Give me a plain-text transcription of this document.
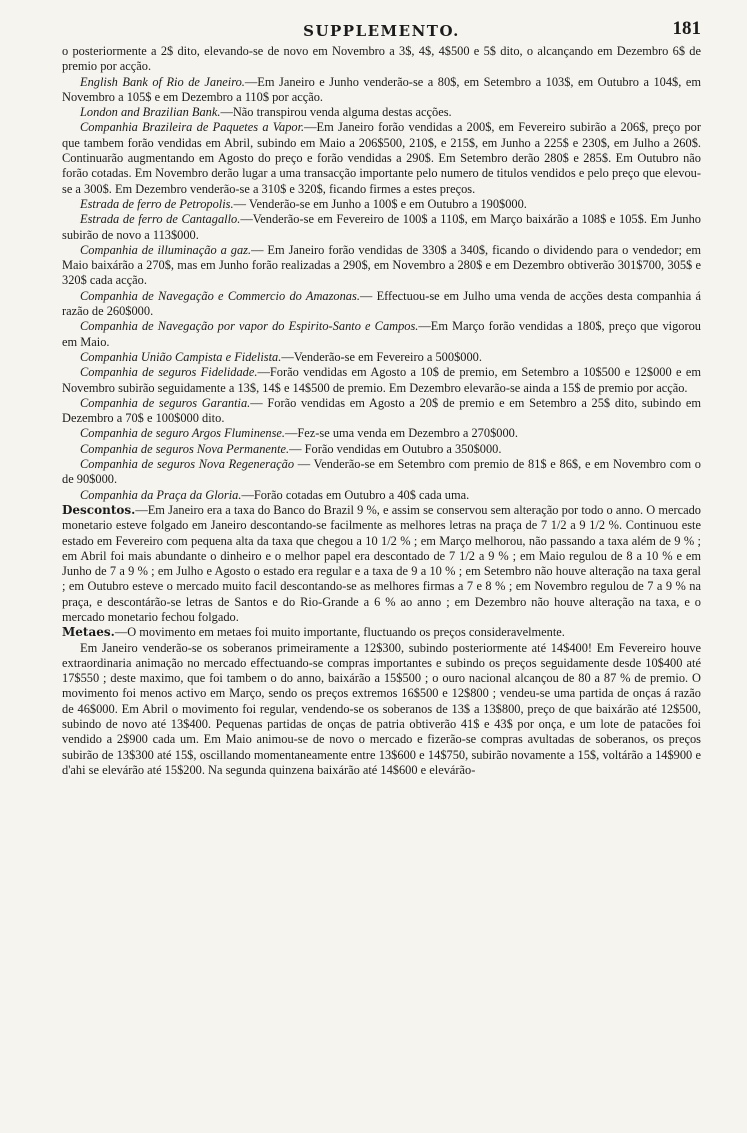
SUPPLEMENTO.	181

o posteriormente a 2$ dito, elevando-se de novo em Novembro a 3$, 4$, 4$500 e 5$ dito, o alcançando em Dezembro 6$ de premio por acção.

English Bank of Rio de Janeiro.—Em Janeiro e Junho venderão-se a 80$, em Setembro a 103$, em Outubro a 104$, em Novembro a 105$ e em Dezembro a 110$ por acção.

London and Brazilian Bank.—Não transpirou venda alguma destas acções.

Companhia Brazileira de Paquetes a Vapor.—Em Janeiro forão vendidas a 200$, em Fevereiro subirão a 206$, preço por que tambem forão vendidas em Abril, subindo em Maio a 206$500, 210$, e 215$, em Junho a 225$ e 230$, em Julho a 260$. Continuarão augmentando em Agosto do preço e forão vendidas a 290$. Em Setembro derão 280$ e 285$. Em Outubro não forão cotadas. Em Novembro derão lugar a uma transacção importante pelo numero de titulos vendidos e pelo preço que elevou-se a 300$. Em Dezembro venderão-se a 310$ e 320$, ficando firmes a estes preços.

Estrada de ferro de Petropolis.— Venderão-se em Junho a 100$ e em Outubro a 190$000.

Estrada de ferro de Cantagallo.—Venderão-se em Fevereiro de 100$ a 110$, em Março baixárão a 108$ e 105$. Em Junho subirão de novo a 113$000.

Companhia de illuminação a gaz.— Em Janeiro forão vendidas de 330$ a 340$, ficando o dividendo para o vendedor; em Maio baixárão a 270$, mas em Junho forão realizadas a 290$, em Novembro a 280$ e em Dezembro obtiverão 301$700, 305$ e 320$ cada acção.

Companhia de Navegação e Commercio do Amazonas.— Effectuou-se em Julho uma venda de acções desta companhia á razão de 260$000.

Companhia de Navegação por vapor do Espirito-Santo e Campos.—Em Março forão vendidas a 180$, preço que vigorou em Maio.

Companhia União Campista e Fidelista.—Venderão-se em Fevereiro a 500$000.

Companhia de seguros Fidelidade.—Forão vendidas em Agosto a 10$ de premio, em Setembro a 10$500 e 12$000 e em Novembro subirão seguidamente a 13$, 14$ e 14$500 de premio. Em Dezembro elevarão-se ainda a 15$ de premio por acção.

Companhia de seguros Garantia.— Forão vendidas em Agosto a 20$ de premio e em Setembro a 25$ dito, subindo em Dezembro a 70$ e 100$000 dito.

Companhia de seguro Argos Fluminense.—Fez-se uma venda em Dezembro a 270$000.

Companhia de seguros Nova Permanente.— Forão vendidas em Outubro a 350$000.

Companhia de seguros Nova Regeneração — Venderão-se em Setembro com premio de 81$ e 86$, e em Novembro com o de 90$000.

Companhia da Praça da Gloria.—Forão cotadas em Outubro a 40$ cada uma.

Descontos.—Em Janeiro era a taxa do Banco do Brazil 9 %, e assim se conservou sem alteração por todo o anno. O mercado monetario esteve folgado em Janeiro descontando-se facilmente as melhores letras na praça de 7 1/2 a 9 1/2 %. Continuou este estado em Fevereiro com pequena alta da taxa que chegou a 10 1/2 % ; em Março melhorou, não passando a taxa além de 9 % ; em Abril foi mais abundante o dinheiro e o melhor papel era descontado de 7 1/2 a 9 % ; em Maio regulou de 8 a 10 % e em Junho de 7 a 9 % ; em Julho e Agosto o estado era regular e a taxa de 9 a 10 % ; em Setembro não houve alteração na taxa geral ; em Outubro esteve o mercado muito facil descontando-se as melhores firmas a 7 e 8 % ; em Novembro regulou de 7 a 9 % na praça, e descontárão-se letras de Santos e do Rio-Grande a 6 % ao anno ; em Dezembro não houve alteração na taxa, e o mercado monetario fechou folgado.

Metaes.—O movimento em metaes foi muito importante, fluctuando os preços consideravelmente.

Em Janeiro venderão-se os soberanos primeiramente a 12$300, subindo posteriormente até 14$400! Em Fevereiro houve extraordinaria animação no mercado effectuando-se compras importantes e subindo os preços seguidamente desde 10$400 até 17$550 ; deste maximo, que foi tambem o do anno, baixárão a 15$500 ; o ouro nacional alcançou de 80 a 87 % de premio. O movimento foi menos activo em Março, sendo os preços extremos 16$500 e 12$800 ; vendeu-se uma partida de onças á razão de 46$000. Em Abril o movimento foi regular, vendendo-se os soberanos de 13$ a 13$800, preço de que baixárão até 12$500, subindo de novo até 13$400. Pequenas partidas de onças de patria obtiverão 41$ e 43$ por onça, e um lote de patacões foi vendido a 2$900 cada um. Em Maio animou-se de novo o mercado e fizerão-se compras avultadas de soberanos, os preços subirão de 13$300 até 15$, oscillando momentaneamente entre 13$600 e 14$750, subirão novamente a 15$, voltárão a 14$900 e d'ahi se elevárão até 15$200. Na segunda quinzena baixárão até 14$600 e elevárão-
